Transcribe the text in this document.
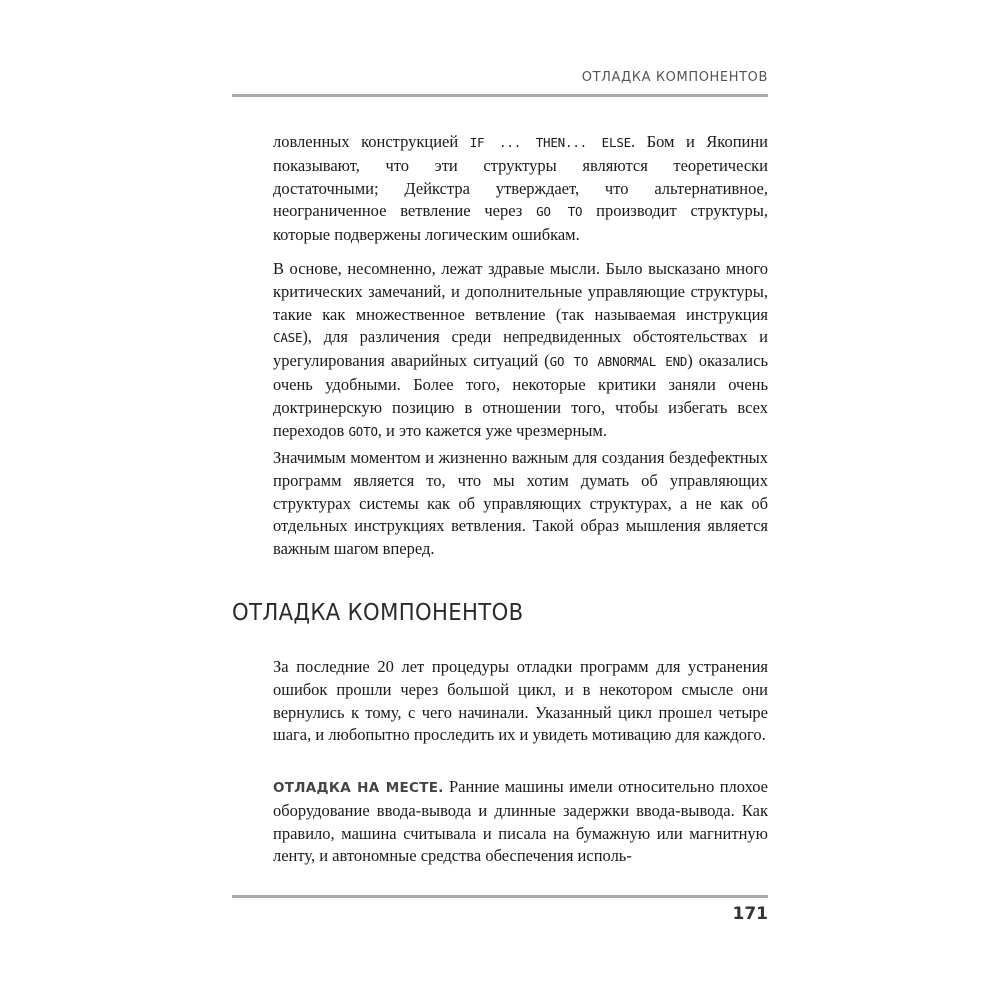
ОТЛАДКА КОМПОНЕНТОВ

ловленных конструкцией IF ... THEN... ELSE. Бом и Якопини показывают, что эти структуры являются теоретически достаточными; Дейкстра утверждает, что альтернативное, неограниченное ветвление через GO TO производит структуры, которые подвержены логическим ошибкам.

В основе, несомненно, лежат здравые мысли. Было высказано много критических замечаний, и дополнительные управляющие структуры, такие как множественное ветвление (так называемая инструкция CASE), для различения среди непредвиденных обстоятельствах и урегулирования аварийных ситуаций (GO TO ABNORMAL END) оказались очень удобными. Более того, некоторые критики заняли очень доктринерскую позицию в отношении того, чтобы избегать всех переходов GOTO, и это кажется уже чрезмерным.

Значимым моментом и жизненно важным для создания бездефектных программ является то, что мы хотим думать об управляющих структурах системы как об управляющих структурах, а не как об отдельных инструкциях ветвления. Такой образ мышления является важным шагом вперед.

ОТЛАДКА КОМПОНЕНТОВ

За последние 20 лет процедуры отладки программ для устранения ошибок прошли через большой цикл, и в некотором смысле они вернулись к тому, с чего начинали. Указанный цикл прошел четыре шага, и любопытно проследить их и увидеть мотивацию для каждого.

ОТЛАДКА НА МЕСТЕ. Ранние машины имели относительно плохое оборудование ввода-вывода и длинные задержки ввода-вывода. Как правило, машина считывала и писала на бумажную или магнитную ленту, и автономные средства обеспечения исполь-

171
